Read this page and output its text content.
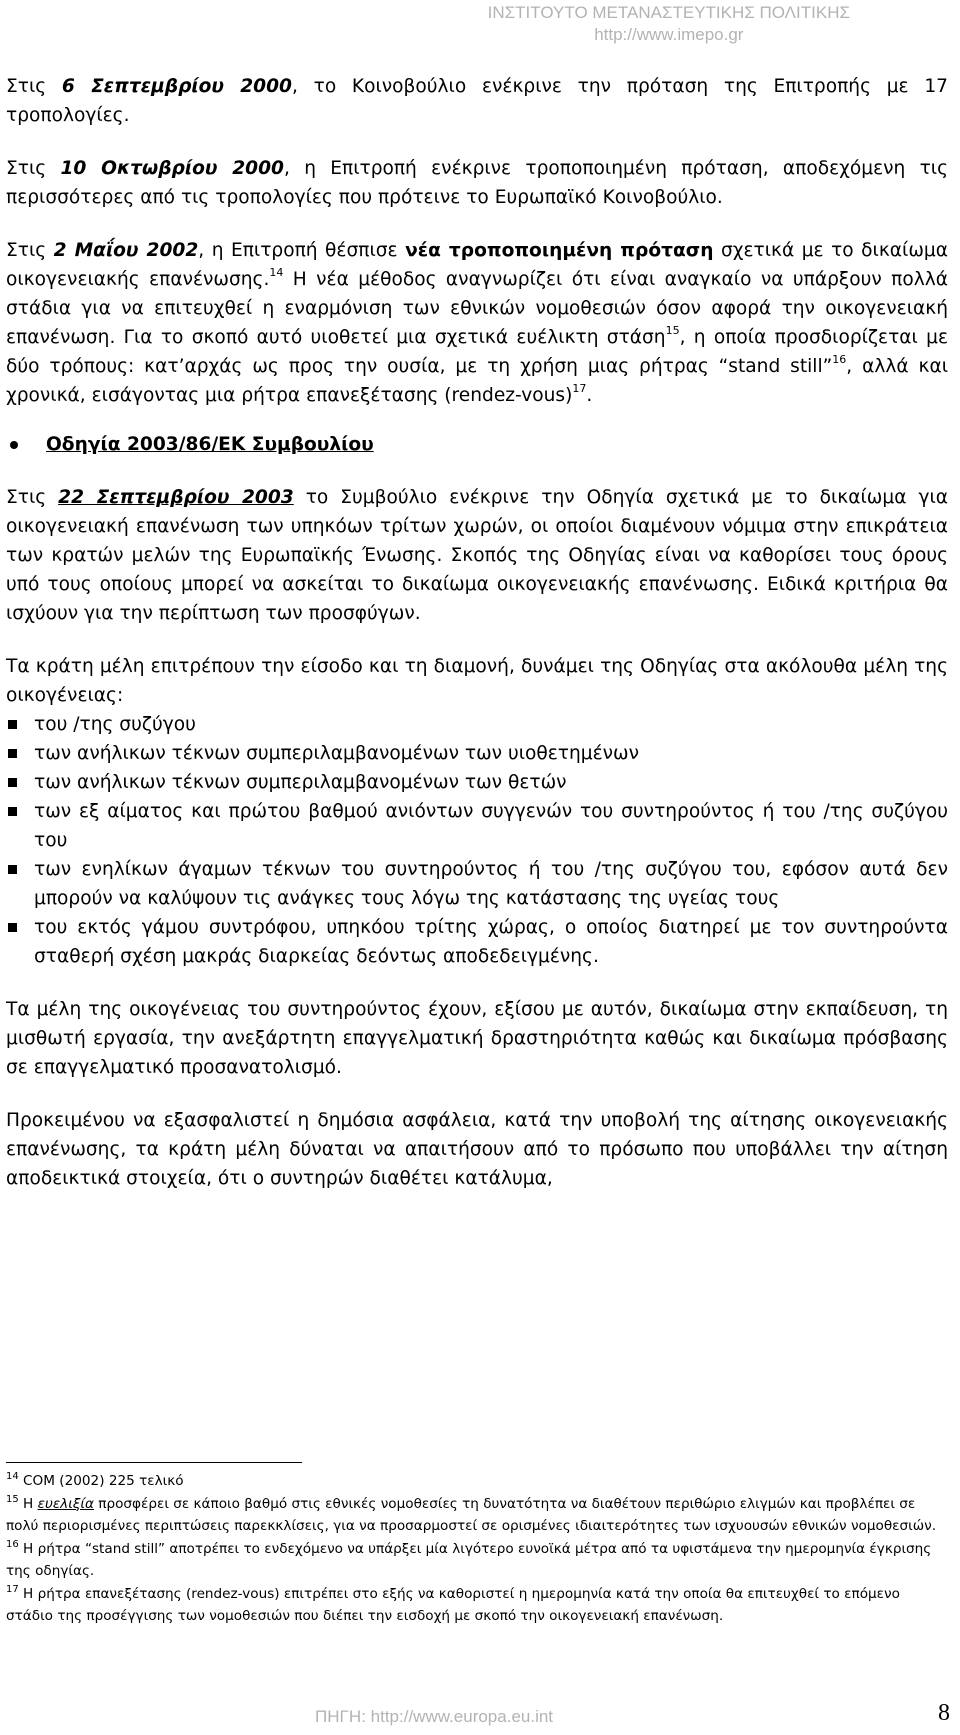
ΙΝΣΤΙΤΟΥΤΟ ΜΕΤΑΝΑΣΤΕΥΤΙΚΗΣ ΠΟΛΙΤΙΚΗΣ
http://www.imepo.gr

Στις 6 Σεπτεμβρίου 2000, το Κοινοβούλιο ενέκρινε την πρόταση της Επιτροπής με 17 τροπολογίες.

Στις 10 Οκτωβρίου 2000, η Επιτροπή ενέκρινε τροποποιημένη πρόταση, αποδεχόμενη τις περισσότερες από τις τροπολογίες που πρότεινε το Ευρωπαϊκό Κοινοβούλιο.

Στις 2 Μαΐου 2002, η Επιτροπή θέσπισε νέα τροποποιημένη πρόταση σχετικά με το δικαίωμα οικογενειακής επανένωσης.$^{14}$ Η νέα μέθοδος αναγνωρίζει ότι είναι αναγκαίο να υπάρξουν πολλά στάδια για να επιτευχθεί η εναρμόνιση των εθνικών νομοθεσιών όσον αφορά την οικογενειακή επανένωση. Για το σκοπό αυτό υιοθετεί μια σχετικά ευέλικτη στάση$^{15}$, η οποία προσδιορίζεται με δύο τρόπους: κατ’αρχάς ως προς την ουσία, με τη χρήση μιας ρήτρας “stand still”$^{16}$, αλλά και χρονικά, εισάγοντας μια ρήτρα επανεξέτασης (rendez-vous)$^{17}$.

Οδηγία 2003/86/ΕΚ Συμβουλίου

Στις 22 Σεπτεμβρίου 2003 το Συμβούλιο ενέκρινε την Οδηγία σχετικά με το δικαίωμα για οικογενειακή επανένωση των υπηκόων τρίτων χωρών, οι οποίοι διαμένουν νόμιμα στην επικράτεια των κρατών μελών της Ευρωπαϊκής Ένωσης. Σκοπός της Οδηγίας είναι να καθορίσει τους όρους υπό τους οποίους μπορεί να ασκείται το δικαίωμα οικογενειακής επανένωσης. Ειδικά κριτήρια θα ισχύουν για την περίπτωση των προσφύγων.

Τα κράτη μέλη επιτρέπουν την είσοδο και τη διαμονή, δυνάμει της Οδηγίας στα ακόλουθα μέλη της οικογένειας:

του /της συζύγου
των ανήλικων τέκνων συμπεριλαμβανομένων των υιοθετημένων
των ανήλικων τέκνων συμπεριλαμβανομένων των θετών
των εξ αίματος και πρώτου βαθμού ανιόντων συγγενών του συντηρούντος ή του /της συζύγου του
των ενηλίκων άγαμων τέκνων του συντηρούντος ή του /της συζύγου του, εφόσον αυτά δεν μπορούν να καλύψουν τις ανάγκες τους λόγω της κατάστασης της υγείας τους
του εκτός γάμου συντρόφου, υπηκόου τρίτης χώρας, ο οποίος διατηρεί με τον συντηρούντα σταθερή σχέση μακράς διαρκείας δεόντως αποδεδειγμένης.

Τα μέλη της οικογένειας του συντηρούντος έχουν, εξίσου με αυτόν, δικαίωμα στην εκπαίδευση, τη μισθωτή εργασία, την ανεξάρτητη επαγγελματική δραστηριότητα καθώς και δικαίωμα πρόσβασης σε επαγγελματικό προσανατολισμό.

Προκειμένου να εξασφαλιστεί η δημόσια ασφάλεια, κατά την υποβολή της αίτησης οικογενειακής επανένωσης, τα κράτη μέλη δύναται να απαιτήσουν από το πρόσωπο που υποβάλλει την αίτηση αποδεικτικά στοιχεία, ότι ο συντηρών διαθέτει κατάλυμα,

$^{14}$ COM (2002) 225 τελικό

$^{15}$ Η ευελιξία προσφέρει σε κάποιο βαθμό στις εθνικές νομοθεσίες τη δυνατότητα να διαθέτουν περιθώριο ελιγμών και προβλέπει σε πολύ περιορισμένες περιπτώσεις παρεκκλίσεις, για να προσαρμοστεί σε ορισμένες ιδιαιτερότητες των ισχυουσών εθνικών νομοθεσιών.

$^{16}$ Η ρήτρα “stand still” αποτρέπει το ενδεχόμενο να υπάρξει μία λιγότερο ευνοϊκά μέτρα από τα υφιστάμενα την ημερομηνία έγκρισης της οδηγίας.

$^{17}$ Η ρήτρα επανεξέτασης (rendez-vous) επιτρέπει στο εξής να καθοριστεί η ημερομηνία κατά την οποία θα επιτευχθεί το επόμενο στάδιο της προσέγγισης των νομοθεσιών που διέπει την εισδοχή με σκοπό την οικογενειακή επανένωση.

ΠΗΓΗ: http://www.europa.eu.int	8
